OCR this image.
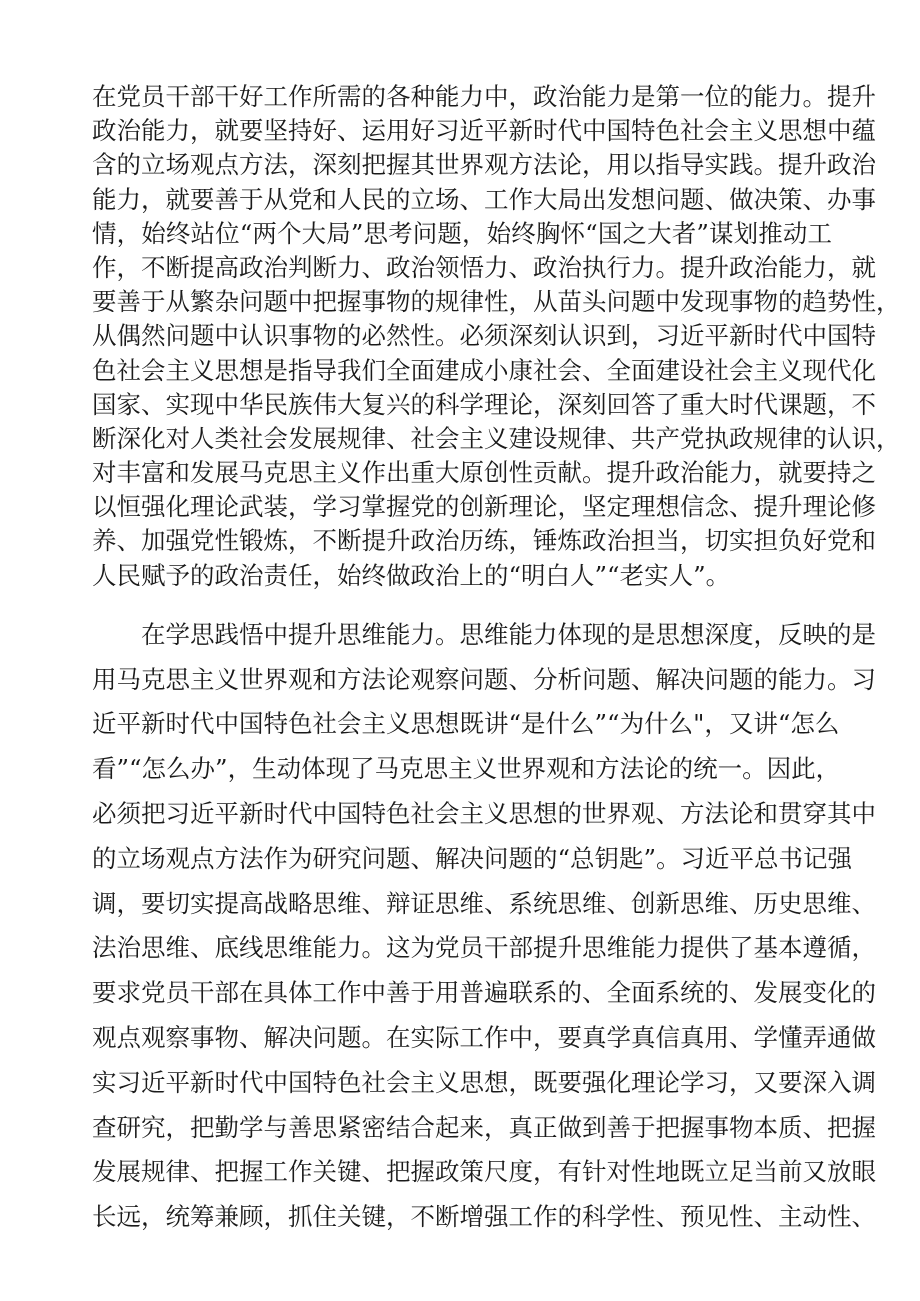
在党员干部干好工作所需的各种能力中，政治能力是第一位的能力。提升
政治能力，就要坚持好、运用好习近平新时代中国特色社会主义思想中蕴
含的立场观点方法，深刻把握其世界观方法论，用以指导实践。提升政治
能力，就要善于从党和人民的立场、工作大局出发想问题、做决策、办事
情，始终站位“两个大局”思考问题，始终胸怀“国之大者”谋划推动工
作，不断提高政治判断力、政治领悟力、政治执行力。提升政治能力，就
要善于从繁杂问题中把握事物的规律性，从苗头问题中发现事物的趋势性，
从偶然问题中认识事物的必然性。必须深刻认识到，习近平新时代中国特
色社会主义思想是指导我们全面建成小康社会、全面建设社会主义现代化
国家、实现中华民族伟大复兴的科学理论，深刻回答了重大时代课题，不
断深化对人类社会发展规律、社会主义建设规律、共产党执政规律的认识，
对丰富和发展马克思主义作出重大原创性贡献。提升政治能力，就要持之
以恒强化理论武装，学习掌握党的创新理论，坚定理想信念、提升理论修
养、加强党性锻炼，不断提升政治历练，锤炼政治担当，切实担负好党和
人民赋予的政治责任，始终做政治上的“明白人”“老实人”。
在学思践悟中提升思维能力。思维能力体现的是思想深度，反映的是
用马克思主义世界观和方法论观察问题、分析问题、解决问题的能力。习
近平新时代中国特色社会主义思想既讲“是什么”“为什么"，又讲“怎么
看”“怎么办”，生动体现了马克思主义世界观和方法论的统一。因此，
必须把习近平新时代中国特色社会主义思想的世界观、方法论和贯穿其中
的立场观点方法作为研究问题、解决问题的“总钥匙”。习近平总书记强
调，要切实提高战略思维、辩证思维、系统思维、创新思维、历史思维、
法治思维、底线思维能力。这为党员干部提升思维能力提供了基本遵循，
要求党员干部在具体工作中善于用普遍联系的、全面系统的、发展变化的
观点观察事物、解决问题。在实际工作中，要真学真信真用、学懂弄通做
实习近平新时代中国特色社会主义思想，既要强化理论学习，又要深入调
查研究，把勤学与善思紧密结合起来，真正做到善于把握事物本质、把握
发展规律、把握工作关键、把握政策尺度，有针对性地既立足当前又放眼
长远，统筹兼顾，抓住关键，不断增强工作的科学性、预见性、主动性、
